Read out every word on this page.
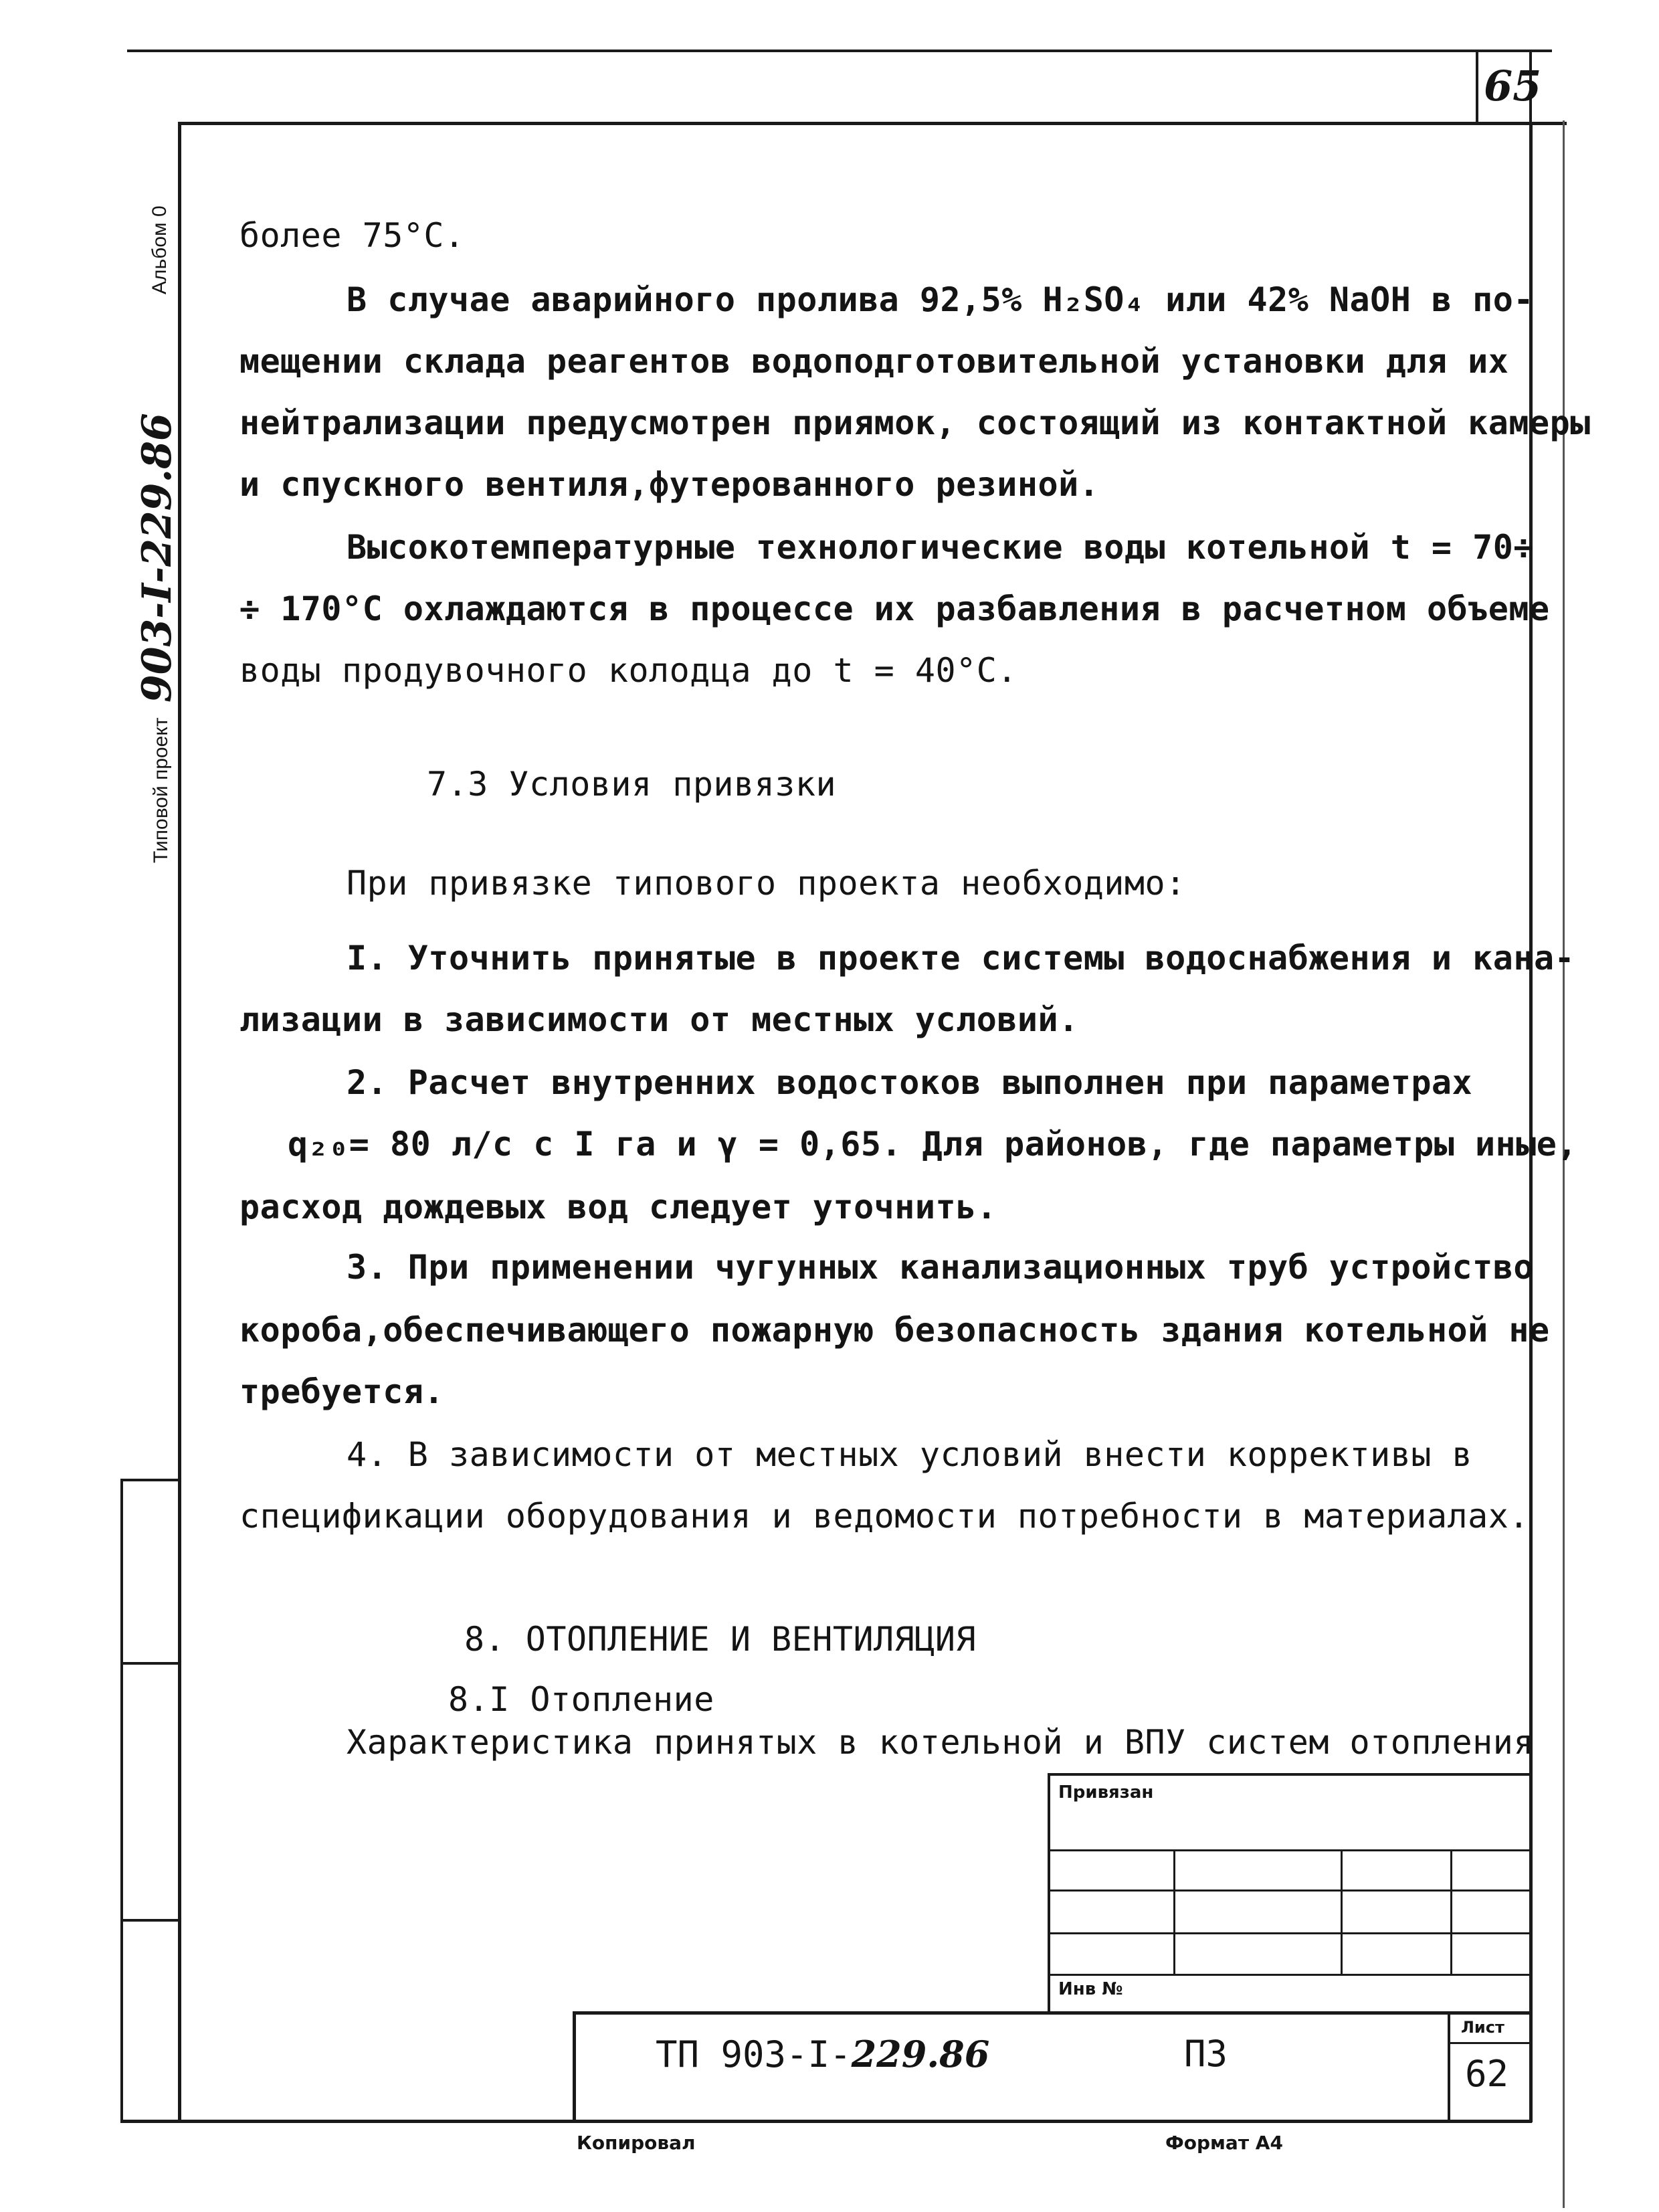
65
Альбом 0
Типовой проект
903-I-229.86
более 75°С.
В случае аварийного пролива 92,5% H₂SO₄ или 42% NaOH в по-
мещении склада реагентов водоподготовительной установки для их
нейтрализации предусмотрен приямок, состоящий из контактной камеры
и спускного вентиля,футерованного резиной.
Высокотемпературные технологические воды котельной t = 70÷
÷ 170°С охлаждаются в процессе их разбавления в расчетном объеме
воды продувочного колодца до t = 40°С.
7.3 Условия привязки
При привязке типового проекта необходимо:
I. Уточнить принятые в проекте системы водоснабжения и кана-
лизации в зависимости от местных условий.
2. Расчет внутренних водостоков выполнен при параметрах
q₂₀= 80 л/с с I га и γ = 0,65. Для районов, где параметры иные,
расход дождевых вод следует уточнить.
3. При применении чугунных канализационных труб устройство
короба,обеспечивающего пожарную безопасность здания котельной не
требуется.
4. В зависимости от местных условий внести коррективы в
спецификации оборудования и ведомости потребности в материалах.
8. ОТОПЛЕНИЕ И ВЕНТИЛЯЦИЯ
8.I Отопление
Характеристика принятых в котельной и ВПУ систем отопления
Привязан
Инв №
ТП 903-I-229.86	ПЗ
Лист
62
Копировал	Формат А4
